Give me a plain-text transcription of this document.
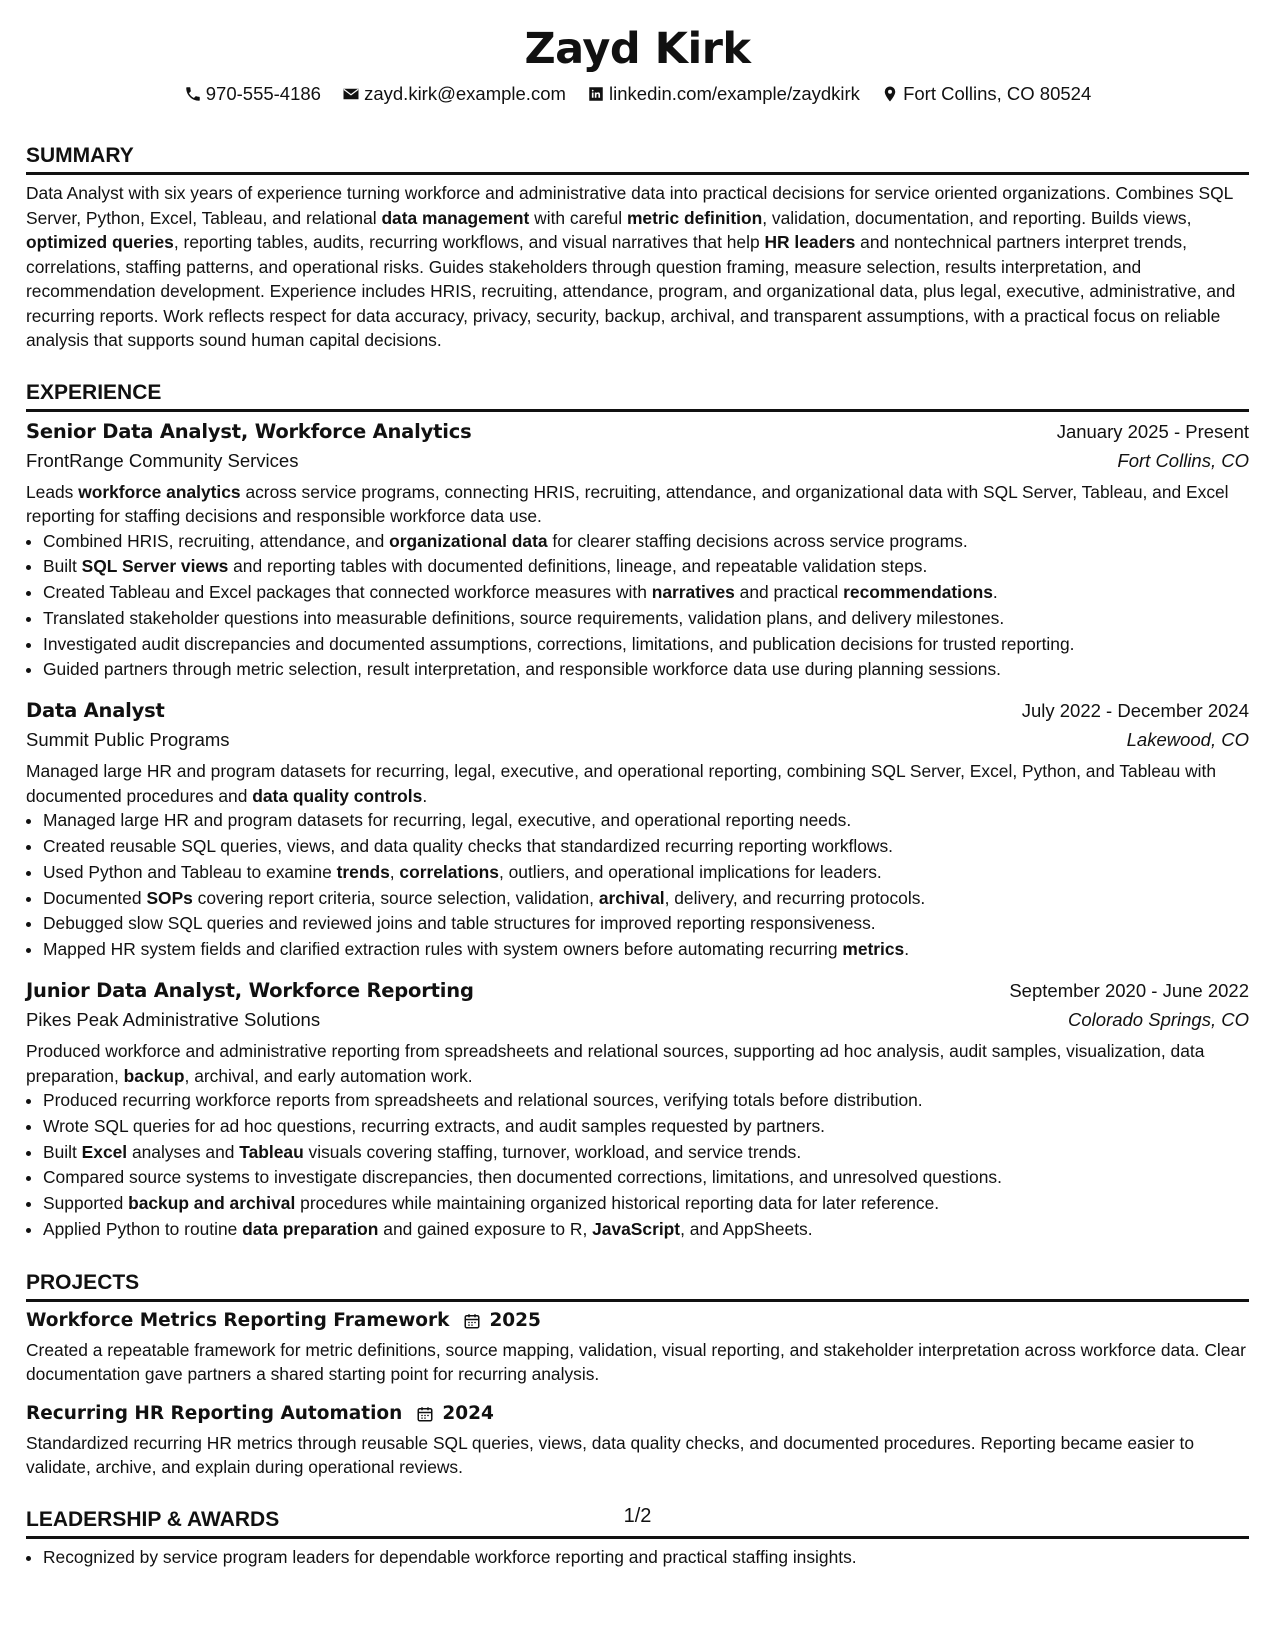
Zayd Kirk
970-555-4186
zayd.kirk@example.com
linkedin.com/example/zaydkirk
Fort Collins, CO 80524
SUMMARY
Data Analyst with six years of experience turning workforce and administrative data into practical decisions for service oriented organizations. Combines SQL Server, Python, Excel, Tableau, and relational data management with careful metric definition, validation, documentation, and reporting. Builds views, optimized queries, reporting tables, audits, recurring workflows, and visual narratives that help HR leaders and nontechnical partners interpret trends, correlations, staffing patterns, and operational risks. Guides stakeholders through question framing, measure selection, results interpretation, and recommendation development. Experience includes HRIS, recruiting, attendance, program, and organizational data, plus legal, executive, administrative, and recurring reports. Work reflects respect for data accuracy, privacy, security, backup, archival, and transparent assumptions, with a practical focus on reliable analysis that supports sound human capital decisions.
EXPERIENCE
Senior Data Analyst, Workforce Analytics	January 2025 - Present
FrontRange Community Services	Fort Collins, CO
Leads workforce analytics across service programs, connecting HRIS, recruiting, attendance, and organizational data with SQL Server, Tableau, and Excel reporting for staffing decisions and responsible workforce data use.
• Combined HRIS, recruiting, attendance, and organizational data for clearer staffing decisions across service programs.
• Built SQL Server views and reporting tables with documented definitions, lineage, and repeatable validation steps.
• Created Tableau and Excel packages that connected workforce measures with narratives and practical recommendations.
• Translated stakeholder questions into measurable definitions, source requirements, validation plans, and delivery milestones.
• Investigated audit discrepancies and documented assumptions, corrections, limitations, and publication decisions for trusted reporting.
• Guided partners through metric selection, result interpretation, and responsible workforce data use during planning sessions.
Data Analyst	July 2022 - December 2024
Summit Public Programs	Lakewood, CO
Managed large HR and program datasets for recurring, legal, executive, and operational reporting, combining SQL Server, Excel, Python, and Tableau with documented procedures and data quality controls.
• Managed large HR and program datasets for recurring, legal, executive, and operational reporting needs.
• Created reusable SQL queries, views, and data quality checks that standardized recurring reporting workflows.
• Used Python and Tableau to examine trends, correlations, outliers, and operational implications for leaders.
• Documented SOPs covering report criteria, source selection, validation, archival, delivery, and recurring protocols.
• Debugged slow SQL queries and reviewed joins and table structures for improved reporting responsiveness.
• Mapped HR system fields and clarified extraction rules with system owners before automating recurring metrics.
Junior Data Analyst, Workforce Reporting	September 2020 - June 2022
Pikes Peak Administrative Solutions	Colorado Springs, CO
Produced workforce and administrative reporting from spreadsheets and relational sources, supporting ad hoc analysis, audit samples, visualization, data preparation, backup, archival, and early automation work.
• Produced recurring workforce reports from spreadsheets and relational sources, verifying totals before distribution.
• Wrote SQL queries for ad hoc questions, recurring extracts, and audit samples requested by partners.
• Built Excel analyses and Tableau visuals covering staffing, turnover, workload, and service trends.
• Compared source systems to investigate discrepancies, then documented corrections, limitations, and unresolved questions.
• Supported backup and archival procedures while maintaining organized historical reporting data for later reference.
• Applied Python to routine data preparation and gained exposure to R, JavaScript, and AppSheets.
PROJECTS
Workforce Metrics Reporting Framework 2025
Created a repeatable framework for metric definitions, source mapping, validation, visual reporting, and stakeholder interpretation across workforce data. Clear documentation gave partners a shared starting point for recurring analysis.
Recurring HR Reporting Automation 2024
Standardized recurring HR metrics through reusable SQL queries, views, data quality checks, and documented procedures. Reporting became easier to validate, archive, and explain during operational reviews.
LEADERSHIP & AWARDS
• Recognized by service program leaders for dependable workforce reporting and practical staffing insights.
1/2
